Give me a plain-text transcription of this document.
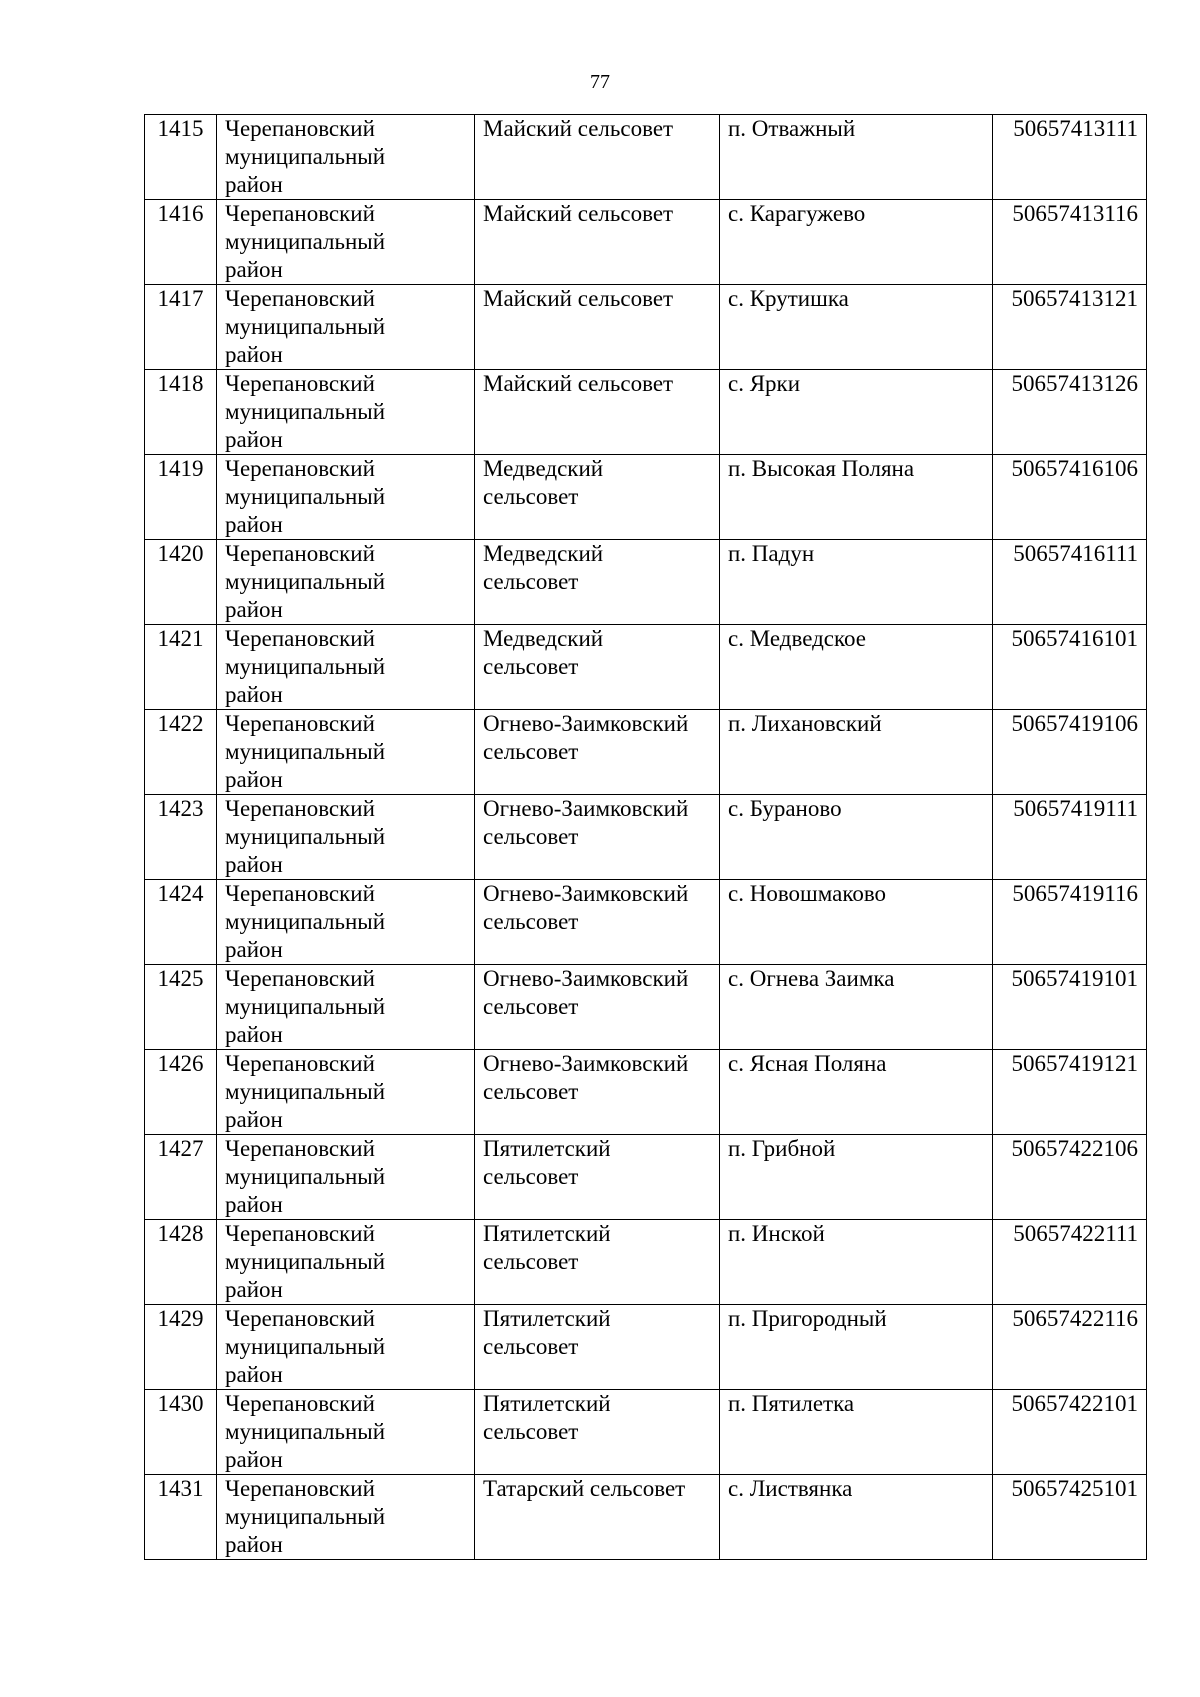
77
1415	Черепановский
муниципальный
район	Майский сельсовет	п. Отважный	50657413111
1416	Черепановский
муниципальный
район	Майский сельсовет	с. Карагужево	50657413116
1417	Черепановский
муниципальный
район	Майский сельсовет	с. Крутишка	50657413121
1418	Черепановский
муниципальный
район	Майский сельсовет	с. Ярки	50657413126
1419	Черепановский
муниципальный
район	Медведский
сельсовет	п. Высокая Поляна	50657416106
1420	Черепановский
муниципальный
район	Медведский
сельсовет	п. Падун	50657416111
1421	Черепановский
муниципальный
район	Медведский
сельсовет	с. Медведское	50657416101
1422	Черепановский
муниципальный
район	Огнево-Заимковский
сельсовет	п. Лихановский	50657419106
1423	Черепановский
муниципальный
район	Огнево-Заимковский
сельсовет	с. Бураново	50657419111
1424	Черепановский
муниципальный
район	Огнево-Заимковский
сельсовет	с. Новошмаково	50657419116
1425	Черепановский
муниципальный
район	Огнево-Заимковский
сельсовет	с. Огнева Заимка	50657419101
1426	Черепановский
муниципальный
район	Огнево-Заимковский
сельсовет	с. Ясная Поляна	50657419121
1427	Черепановский
муниципальный
район	Пятилетский
сельсовет	п. Грибной	50657422106
1428	Черепановский
муниципальный
район	Пятилетский
сельсовет	п. Инской	50657422111
1429	Черепановский
муниципальный
район	Пятилетский
сельсовет	п. Пригородный	50657422116
1430	Черепановский
муниципальный
район	Пятилетский
сельсовет	п. Пятилетка	50657422101
1431	Черепановский
муниципальный
район	Татарский сельсовет	с. Листвянка	50657425101
